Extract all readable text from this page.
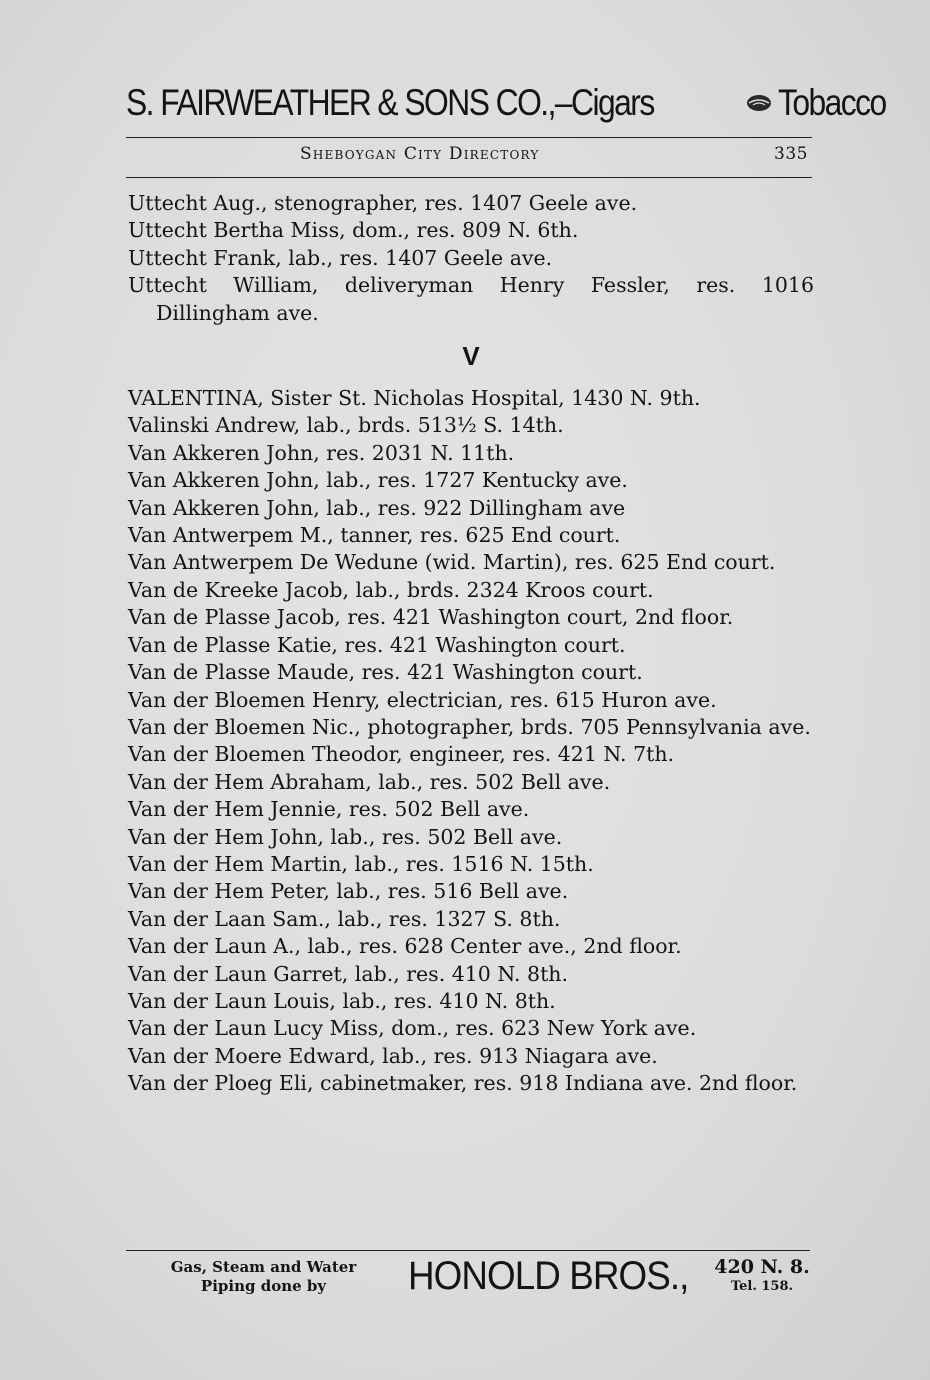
S. FAIRWEATHER & SONS CO.,–Cigars	Tobacco
Sheboygan City Directory	335

Uttecht Aug., stenographer, res. 1407 Geele ave.

Uttecht Bertha Miss, dom., res. 809 N. 6th.

Uttecht Frank, lab., res. 1407 Geele ave.

Uttecht William, deliveryman Henry Fessler, res. 1016 Dillingham ave.

V

VALENTINA, Sister St. Nicholas Hospital, 1430 N. 9th.

Valinski Andrew, lab., brds. 513½ S. 14th.

Van Akkeren John, res. 2031 N. 11th.

Van Akkeren John, lab., res. 1727 Kentucky ave.

Van Akkeren John, lab., res. 922 Dillingham ave

Van Antwerpem M., tanner, res. 625 End court.

Van Antwerpem De Wedune (wid. Martin), res. 625 End court.

Van de Kreeke Jacob, lab., brds. 2324 Kroos court.

Van de Plasse Jacob, res. 421 Washington court, 2nd floor.

Van de Plasse Katie, res. 421 Washington court.

Van de Plasse Maude, res. 421 Washington court.

Van der Bloemen Henry, electrician, res. 615 Huron ave.

Van der Bloemen Nic., photographer, brds. 705 Pennsylvania ave.

Van der Bloemen Theodor, engineer, res. 421 N. 7th.

Van der Hem Abraham, lab., res. 502 Bell ave.

Van der Hem Jennie, res. 502 Bell ave.

Van der Hem John, lab., res. 502 Bell ave.

Van der Hem Martin, lab., res. 1516 N. 15th.

Van der Hem Peter, lab., res. 516 Bell ave.

Van der Laan Sam., lab., res. 1327 S. 8th.

Van der Laun A., lab., res. 628 Center ave., 2nd floor.

Van der Laun Garret, lab., res. 410 N. 8th.

Van der Laun Louis, lab., res. 410 N. 8th.

Van der Laun Lucy Miss, dom., res. 623 New York ave.

Van der Moere Edward, lab., res. 913 Niagara ave.

Van der Ploeg Eli, cabinetmaker, res. 918 Indiana ave. 2nd floor.

Gas, Steam and Water
Piping done by	HONOLD BROS., 420 N. 8.
Tel. 158.
